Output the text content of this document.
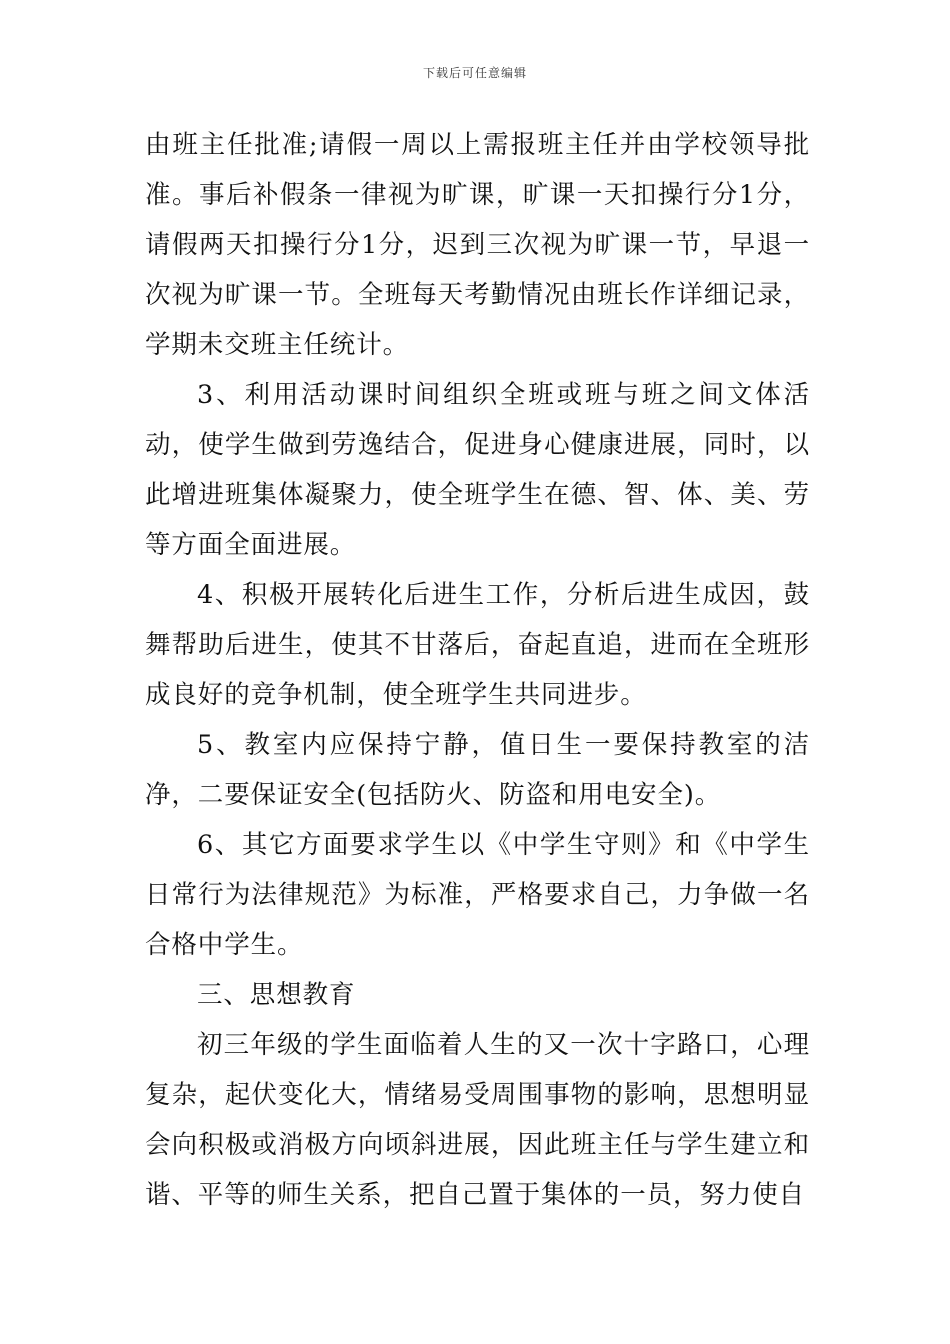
下载后可任意编辑

由班主任批准;请假一周以上需报班主任并由学校领导批准。事后补假条一律视为旷课，旷课一天扣操行分1分，请假两天扣操行分1分，迟到三次视为旷课一节，早退一次视为旷课一节。全班每天考勤情况由班长作详细记录，学期未交班主任统计。

3、利用活动课时间组织全班或班与班之间文体活动，使学生做到劳逸结合，促进身心健康进展，同时，以此增进班集体凝聚力，使全班学生在德、智、体、美、劳等方面全面进展。

4、积极开展转化后进生工作，分析后进生成因，鼓舞帮助后进生，使其不甘落后，奋起直追，进而在全班形成良好的竞争机制，使全班学生共同进步。

5、教室内应保持宁静，值日生一要保持教室的洁净，二要保证安全(包括防火、防盗和用电安全)。

6、其它方面要求学生以《中学生守则》和《中学生日常行为法律规范》为标准，严格要求自己，力争做一名合格中学生。

三、思想教育

初三年级的学生面临着人生的又一次十字路口，心理复杂，起伏变化大，情绪易受周围事物的影响，思想明显会向积极或消极方向顷斜进展，因此班主任与学生建立和谐、平等的师生关系，把自己置于集体的一员，努力使自
